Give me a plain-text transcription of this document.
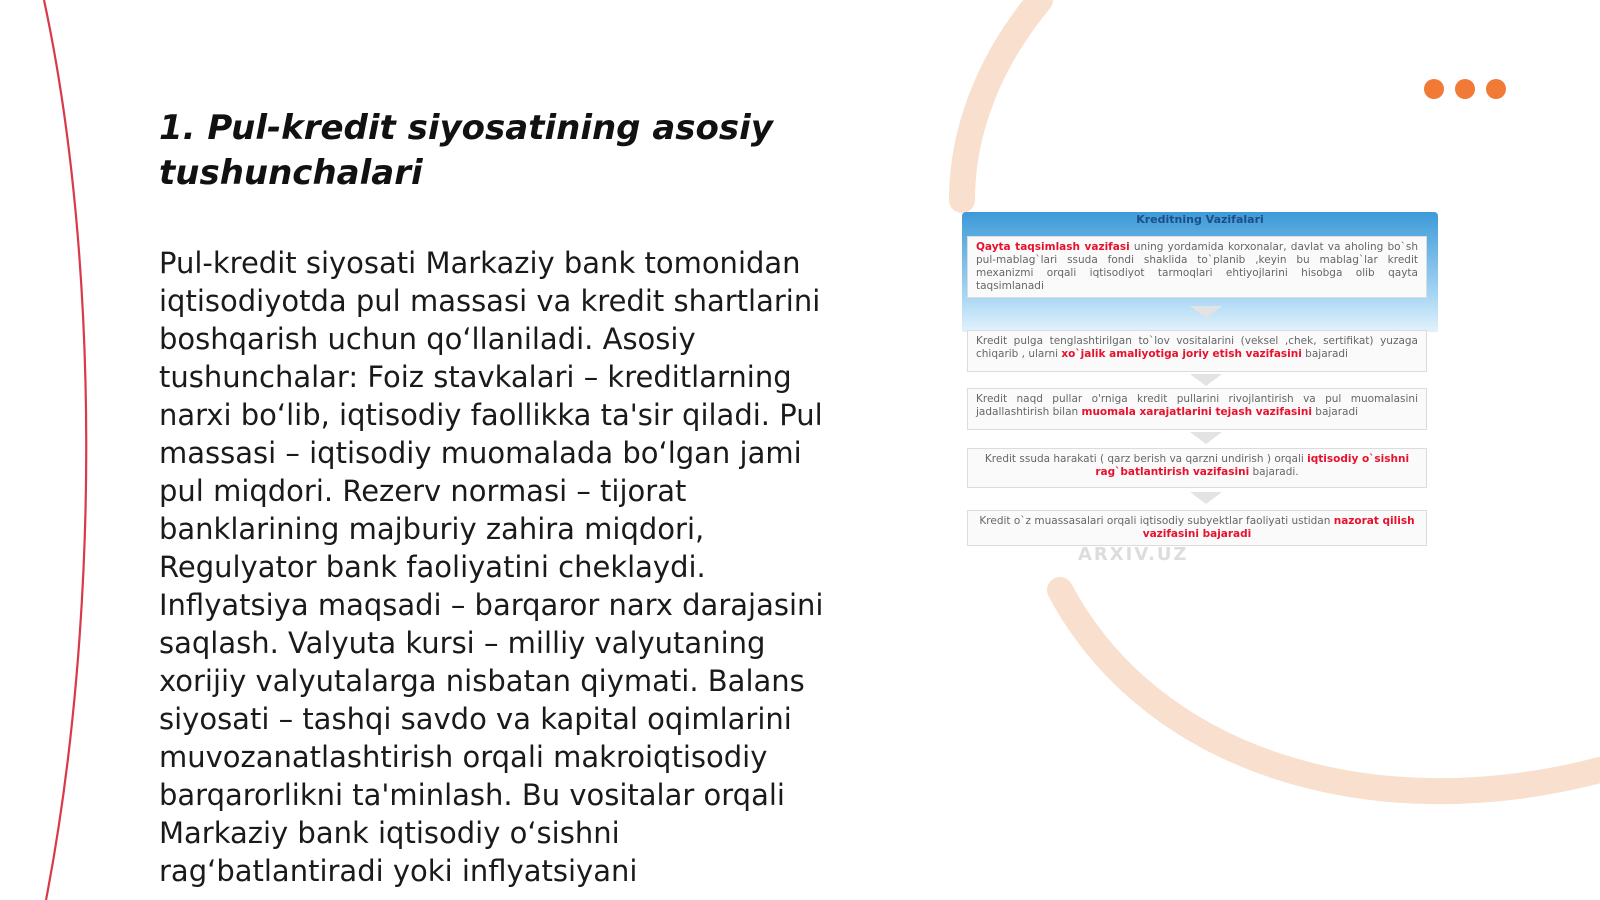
1. Pul-kredit siyosatining asosiy tushunchalari

Pul-kredit siyosati Markaziy bank tomonidan iqtisodiyotda pul massasi va kredit shartlarini boshqarish uchun qo‘llaniladi. Asosiy tushunchalar: Foiz stavkalari – kreditlarning narxi bo‘lib, iqtisodiy faollikka ta'sir qiladi. Pul massasi – iqtisodiy muomalada bo‘lgan jami pul miqdori. Rezerv normasi – tijorat banklarining majburiy zahira miqdori, Regulyator bank faoliyatini cheklaydi. Inflyatsiya maqsadi – barqaror narx darajasini saqlash. Valyuta kursi – milliy valyutaning xorijiy valyutalarga nisbatan qiymati. Balans siyosati – tashqi savdo va kapital oqimlarini muvozanatlashtirish orqali makroiqtisodiy barqarorlikni ta'minlash. Bu vositalar orqali Markaziy bank iqtisodiy o‘sishni rag‘batlantiradi yoki inflyatsiyani

Kreditning Vazifalari
Qayta taqsimlash vazifasi uning yordamida korxonalar, davlat va aholing bo`sh pul-mablag`lari ssuda fondi shaklida to`planib ,keyin bu mablag`lar kredit mexanizmi orqali iqtisodiyot tarmoqlari ehtiyojlarini hisobga olib qayta taqsimlanadi
Kredit pulga tenglashtirilgan to`lov vositalarini (veksel ,chek, sertifikat) yuzaga chiqarib , ularni xo`jalik amaliyotiga joriy etish vazifasini bajaradi
Kredit naqd pullar o'rniga kredit pullarini rivojlantirish va pul muomalasini jadallashtirish bilan muomala xarajatlarini tejash vazifasini bajaradi
Kredit ssuda harakati ( qarz berish va qarzni undirish ) orqali iqtisodiy o`sishni rag`batlantirish vazifasini bajaradi.
Kredit o`z muassasalari orqali iqtisodiy subyektlar faoliyati ustidan nazorat qilish vazifasini bajaradi
ARXIV.UZ
